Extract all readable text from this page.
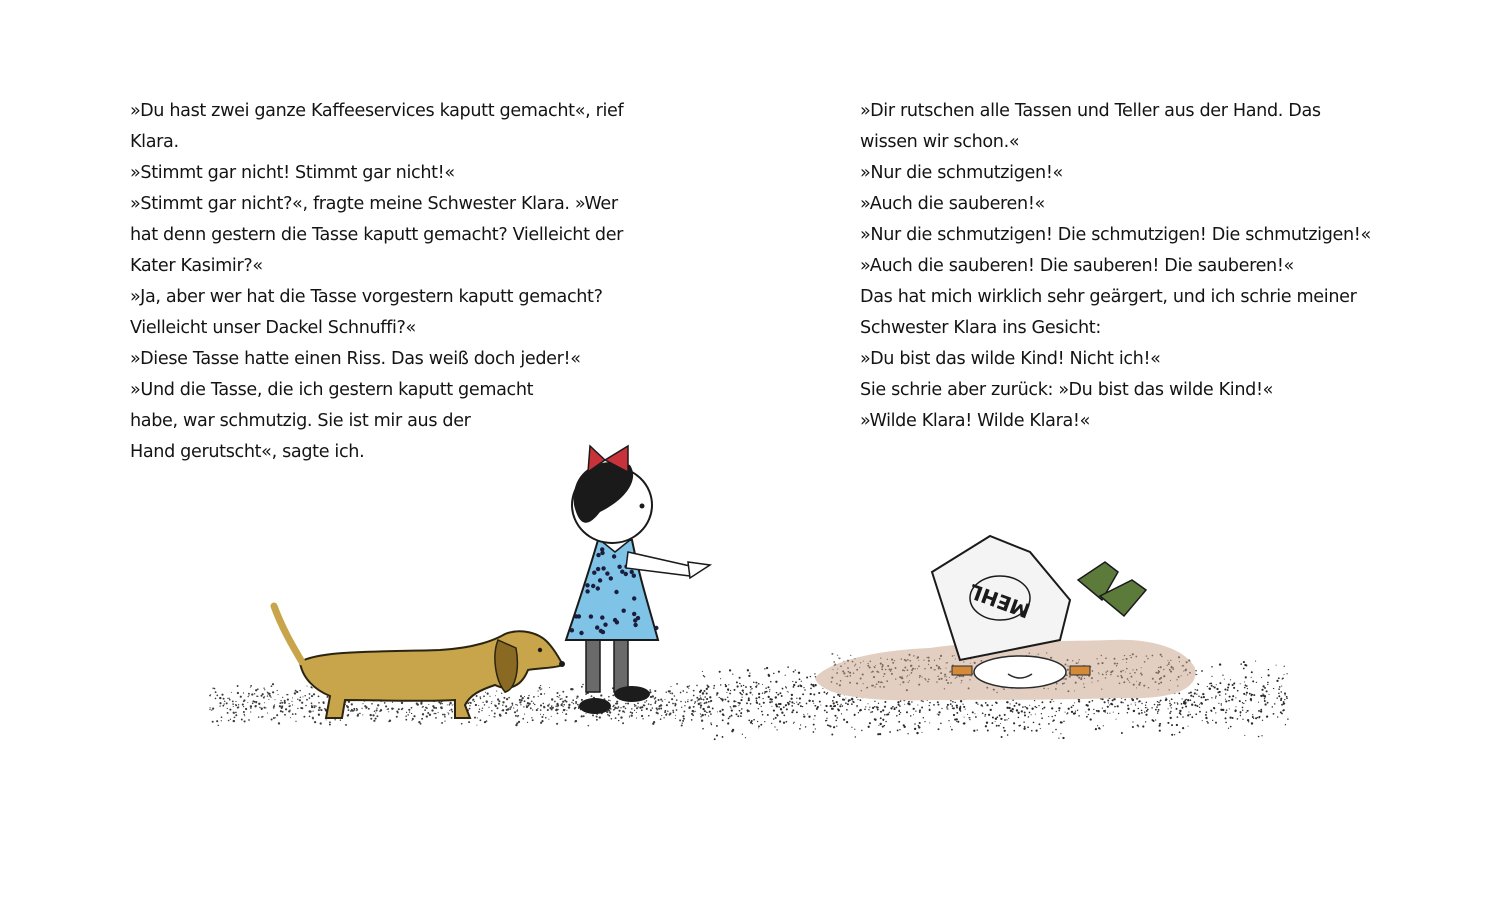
»Du hast zwei ganze Kaffeeservices kaputt gemacht«, rief
Klara.
»Stimmt gar nicht! Stimmt gar nicht!«
»Stimmt gar nicht?«, fragte meine Schwester Klara. »Wer
hat denn gestern die Tasse kaputt gemacht? Vielleicht der
Kater Kasimir?«
»Ja, aber wer hat die Tasse vorgestern kaputt gemacht?
Vielleicht unser Dackel Schnuffi?«
»Diese Tasse hatte einen Riss. Das weiß doch jeder!«
»Und die Tasse, die ich gestern kaputt gemacht
habe, war schmutzig. Sie ist mir aus der
Hand gerutscht«, sagte ich.
»Dir rutschen alle Tassen und Teller aus der Hand. Das
wissen wir schon.«
»Nur die schmutzigen!«
»Auch die sauberen!«
»Nur die schmutzigen! Die schmutzigen! Die schmutzigen!«
»Auch die sauberen! Die sauberen! Die sauberen!«
Das hat mich wirklich sehr geärgert, und ich schrie meiner
Schwester Klara ins Gesicht:
»Du bist das wilde Kind! Nicht ich!«
Sie schrie aber zurück: »Du bist das wilde Kind!«
»Wilde Klara! Wilde Klara!«
MEHL
